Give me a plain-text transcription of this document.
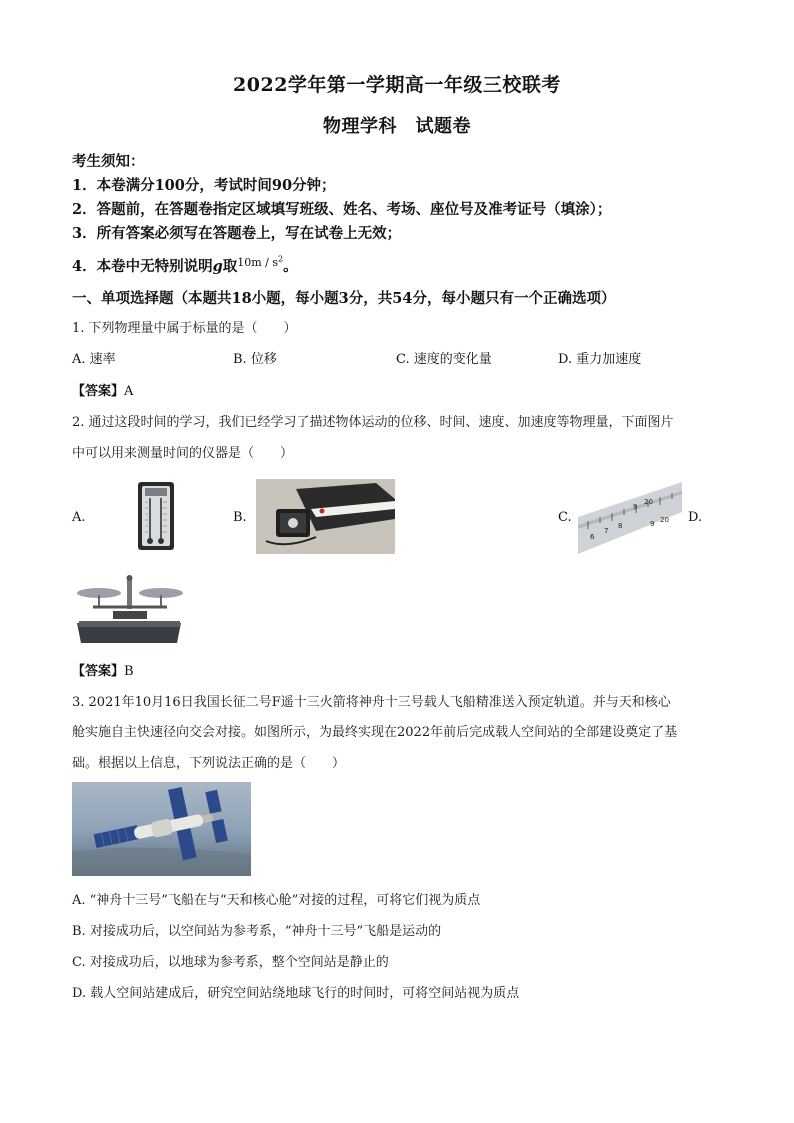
2022学年第一学期高一年级三校联考
物理学科　试题卷
考生须知：
1．本卷满分100分，考试时间90分钟；
2．答题前，在答题卷指定区域填写班级、姓名、考场、座位号及准考证号（填涂）；
3．所有答案必须写在答题卷上，写在试卷上无效；
4．本卷中无特别说明g取$^{10m / s^2}$。
一、单项选择题（本题共18小题，每小题3分，共54分，每小题只有一个正确选项）
1. 下列物理量中属于标量的是（　　）
A. 速率	B. 位移	C. 速度的变化量	D. 重力加速度
【答案】A
2. 通过这段时间的学习，我们已经学习了描述物体运动的位移、时间、速度、加速度等物理量，下面图片
中可以用来测量时间的仪器是（　　）
A.	B.	C.	D.
6
7
8
9
20
9 20
【答案】B
3. 2021年10月16日我国长征二号F遥十三火箭将神舟十三号载人飞船精准送入预定轨道。并与天和核心
舱实施自主快速径向交会对接。如图所示，为最终实现在2022年前后完成载人空间站的全部建设奠定了基
础。根据以上信息，下列说法正确的是（　　）
A. “神舟十三号”飞船在与“天和核心舱”对接的过程，可将它们视为质点
B. 对接成功后，以空间站为参考系，“神舟十三号”飞船是运动的
C. 对接成功后，以地球为参考系，整个空间站是静止的
D. 载人空间站建成后，研究空间站绕地球飞行的时间时，可将空间站视为质点
